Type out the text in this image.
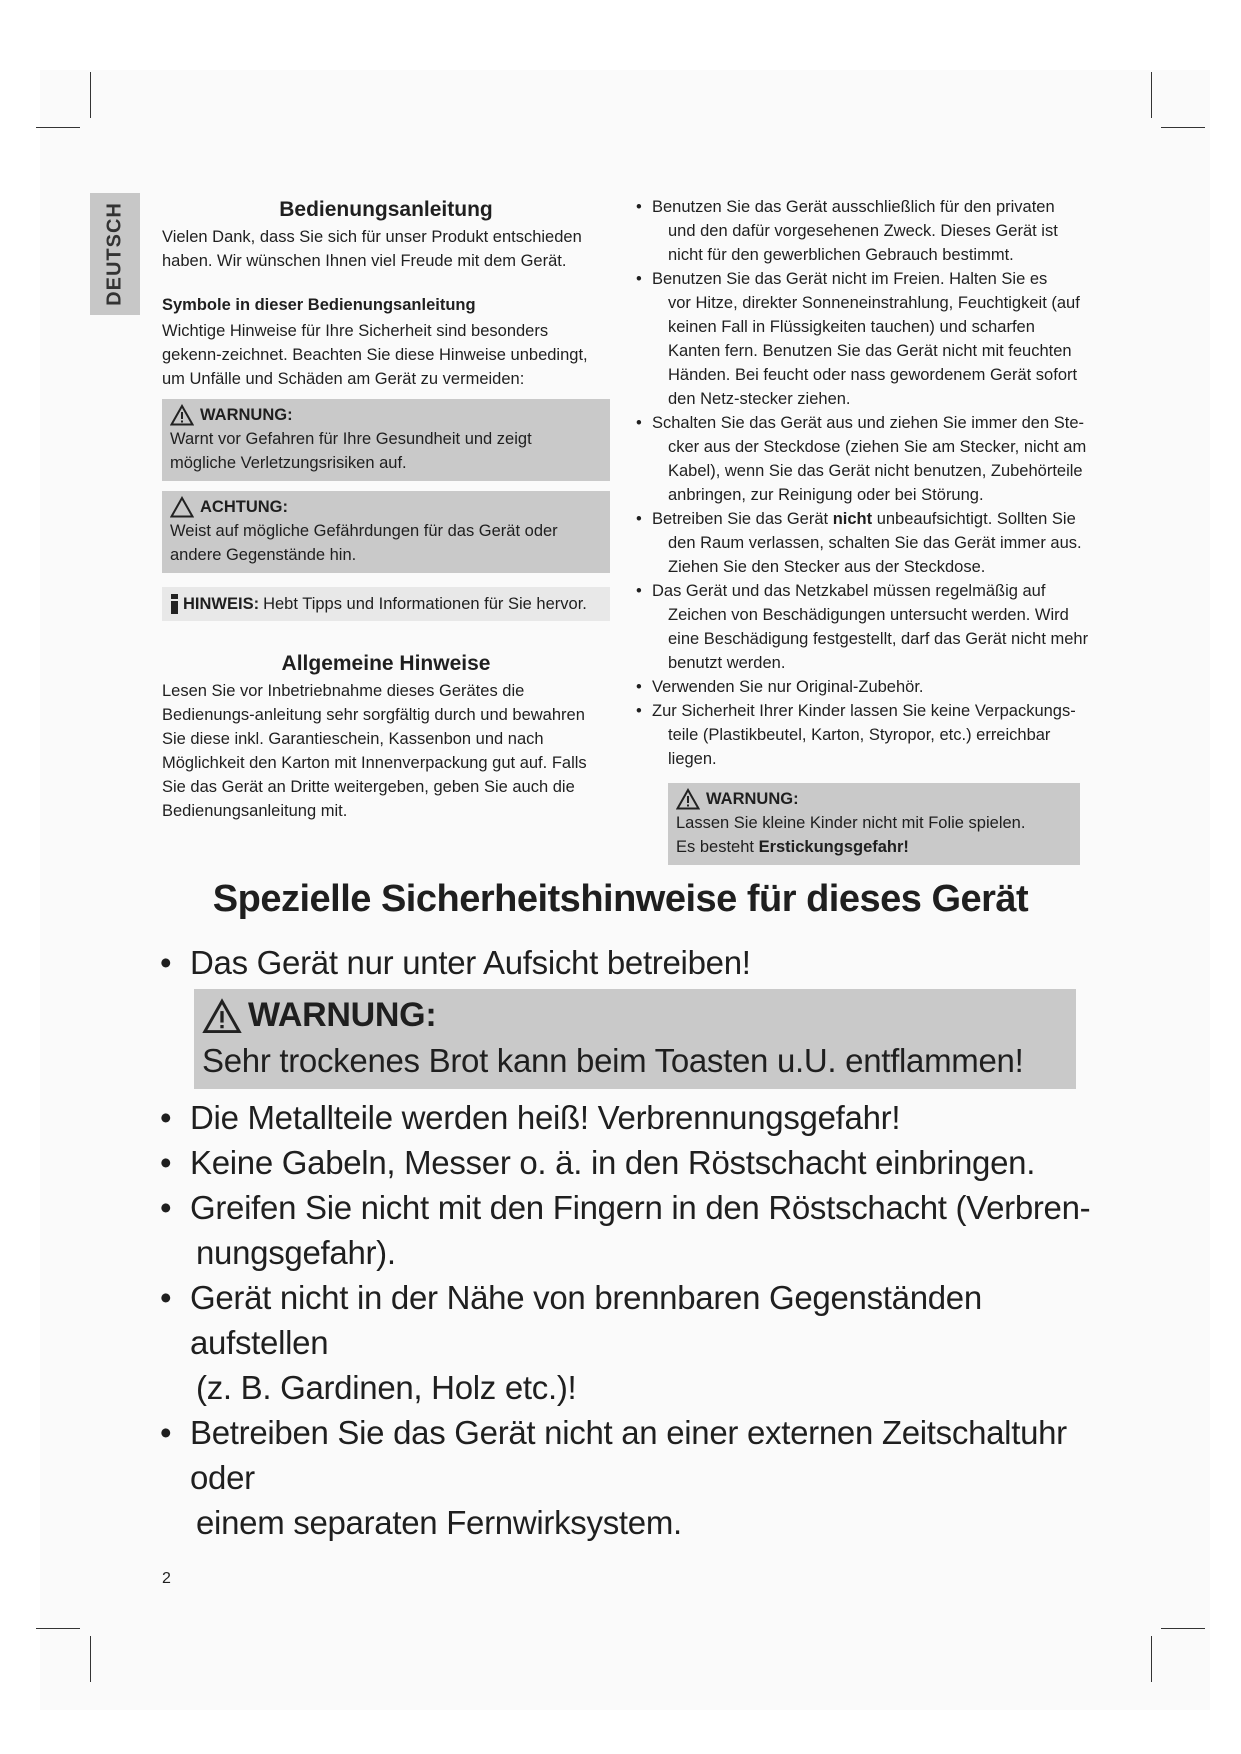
DEUTSCH	Bedienungsanleitung

Vielen Dank, dass Sie sich für unser Produkt entschieden haben. Wir wünschen Ihnen viel Freude mit dem Gerät.

Symbole in dieser Bedienungsanleitung

Wichtige Hinweise für Ihre Sicherheit sind besonders gekenn-zeichnet. Beachten Sie diese Hinweise unbedingt, um Unfälle und Schäden am Gerät zu vermeiden:

WARNUNG:
Warnt vor Gefahren für Ihre Gesundheit und zeigt mögliche Verletzungsrisiken auf.
ACHTUNG:
Weist auf mögliche Gefährdungen für das Gerät oder andere Gegenstände hin.
HINWEIS: Hebt Tipps und Informationen für Sie hervor.

Allgemeine Hinweise

Lesen Sie vor Inbetriebnahme dieses Gerätes die Bedienungs-anleitung sehr sorgfältig durch und bewahren Sie diese inkl. Garantieschein, Kassenbon und nach Möglichkeit den Karton mit Innenverpackung gut auf. Falls Sie das Gerät an Dritte weitergeben, geben Sie auch die Bedienungsanleitung mit.

• Benutzen Sie das Gerät ausschließlich für den privaten
und den dafür vorgesehenen Zweck. Dieses Gerät ist nicht für den gewerblichen Gebrauch bestimmt.
• Benutzen Sie das Gerät nicht im Freien. Halten Sie es
vor Hitze, direkter Sonneneinstrahlung, Feuchtigkeit (auf keinen Fall in Flüssigkeiten tauchen) und scharfen Kanten fern. Benutzen Sie das Gerät nicht mit feuchten Händen. Bei feucht oder nass gewordenem Gerät sofort den Netz-stecker ziehen.
• Schalten Sie das Gerät aus und ziehen Sie immer den Ste-
cker aus der Steckdose (ziehen Sie am Stecker, nicht am Kabel), wenn Sie das Gerät nicht benutzen, Zubehörteile anbringen, zur Reinigung oder bei Störung.
• Betreiben Sie das Gerät nicht unbeaufsichtigt. Sollten Sie
den Raum verlassen, schalten Sie das Gerät immer aus. Ziehen Sie den Stecker aus der Steckdose.
• Das Gerät und das Netzkabel müssen regelmäßig auf
Zeichen von Beschädigungen untersucht werden. Wird eine Beschädigung festgestellt, darf das Gerät nicht mehr benutzt werden.
• Verwenden Sie nur Original-Zubehör.
• Zur Sicherheit Ihrer Kinder lassen Sie keine Verpackungs-
teile (Plastikbeutel, Karton, Styropor, etc.) erreichbar liegen.
WARNUNG:
Lassen Sie kleine Kinder nicht mit Folie spielen.
Es besteht Erstickungsgefahr!
Spezielle Sicherheitshinweise für dieses Gerät
• Das Gerät nur unter Aufsicht betreiben!
WARNUNG:
Sehr trockenes Brot kann beim Toasten u.U. entflammen!
• Die Metallteile werden heiß! Verbrennungsgefahr!
• Keine Gabeln, Messer o. ä. in den Röstschacht einbringen.
• Greifen Sie nicht mit den Fingern in den Röstschacht (Verbren-
nungsgefahr).
• Gerät nicht in der Nähe von brennbaren Gegenständen aufstellen
(z. B. Gardinen, Holz etc.)!
• Betreiben Sie das Gerät nicht an einer externen Zeitschaltuhr oder
einem separaten Fernwirksystem.
2
